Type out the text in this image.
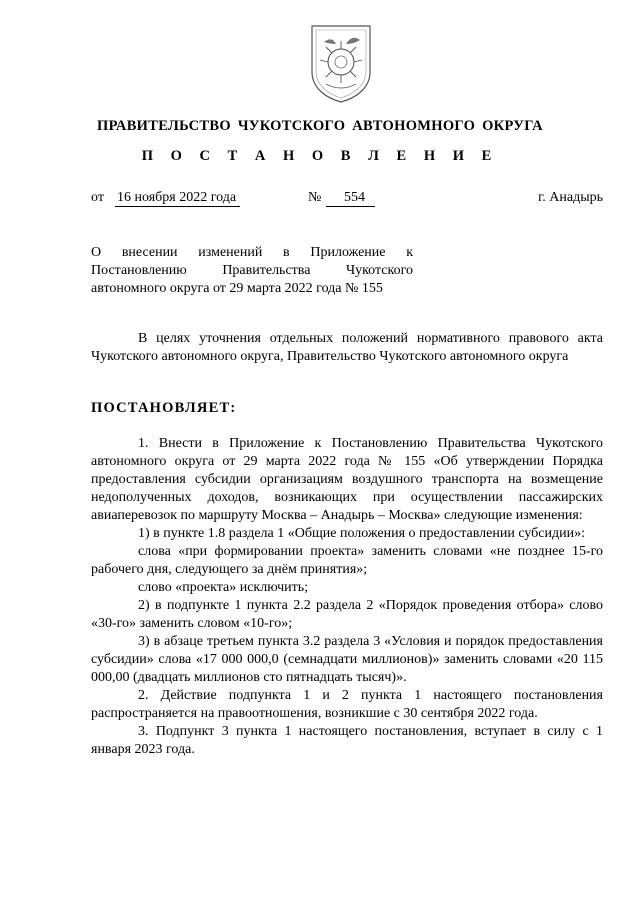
ПРАВИТЕЛЬСТВО ЧУКОТСКОГО АВТОНОМНОГО ОКРУГА
П О С Т А Н О В Л Е Н И Е
от 16 ноября 2022 года	№	554	г. Анадырь
О внесении изменений в Приложение к
Постановлению Правительства Чукотского
автономного округа от 29 марта 2022 года № 155

В целях уточнения отдельных положений нормативного правового акта Чукотского автономного округа, Правительство Чукотского автономного округа

ПОСТАНОВЛЯЕТ:

1. Внести в Приложение к Постановлению Правительства Чукотского автономного округа от 29 марта 2022 года № 155 «Об утверждении Порядка предоставления субсидии организациям воздушного транспорта на возмещение недополученных доходов, возникающих при осуществлении пассажирских авиаперевозок по маршруту Москва – Анадырь – Москва» следующие изменения:

1) в пункте 1.8 раздела 1 «Общие положения о предоставлении субсидии»:

слова «при формировании проекта» заменить словами «не позднее 15-го рабочего дня, следующего за днём принятия»;

слово «проекта» исключить;

2) в подпункте 1 пункта 2.2 раздела 2 «Порядок проведения отбора» слово «30-го» заменить словом «10-го»;

3) в абзаце третьем пункта 3.2 раздела 3 «Условия и порядок предоставления субсидии» слова «17 000 000,0 (семнадцати миллионов)» заменить словами «20 115 000,00 (двадцать миллионов сто пятнадцать тысяч)».

2. Действие подпункта 1 и 2 пункта 1 настоящего постановления распространяется на правоотношения, возникшие с 30 сентября 2022 года.

3. Подпункт 3 пункта 1 настоящего постановления, вступает в силу с 1 января 2023 года.
